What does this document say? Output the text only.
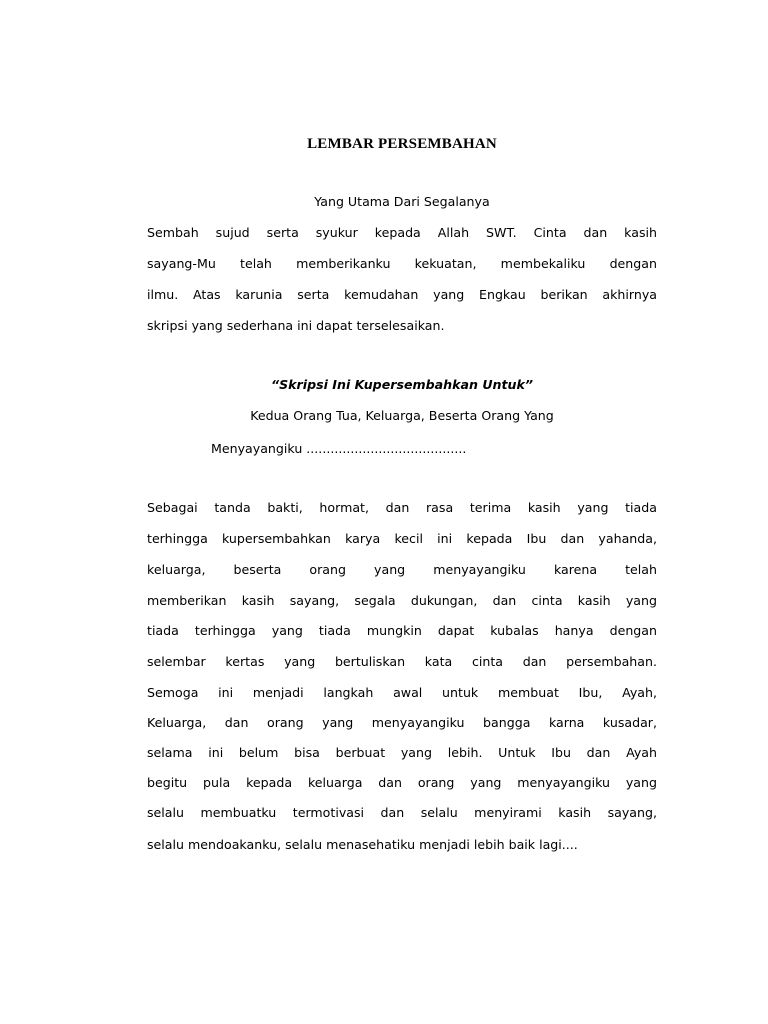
LEMBAR PERSEMBAHAN
Yang Utama Dari Segalanya
Sembah sujud serta syukur kepada Allah SWT. Cinta dan kasih
sayang-Mu telah memberikanku kekuatan, membekaliku dengan
ilmu. Atas karunia serta kemudahan yang Engkau berikan akhirnya
skripsi yang sederhana ini dapat terselesaikan.
“Skripsi Ini Kupersembahkan Untuk”
Kedua Orang Tua, Keluarga, Beserta Orang Yang
Menyayangiku ........................................
Sebagai tanda bakti, hormat, dan rasa terima kasih yang tiada
terhingga kupersembahkan karya kecil ini kepada Ibu dan yahanda,
keluarga, beserta orang yang menyayangiku karena telah
memberikan kasih sayang, segala dukungan, dan cinta kasih yang
tiada terhingga yang tiada mungkin dapat kubalas hanya dengan
selembar kertas yang bertuliskan kata cinta dan persembahan.
Semoga ini menjadi langkah awal untuk membuat Ibu, Ayah,
Keluarga, dan orang yang menyayangiku bangga karna kusadar,
selama ini belum bisa berbuat yang lebih. Untuk Ibu dan Ayah
begitu pula kepada keluarga dan orang yang menyayangiku yang
selalu membuatku termotivasi dan selalu menyirami kasih sayang,
selalu mendoakanku, selalu menasehatiku menjadi lebih baik lagi....
